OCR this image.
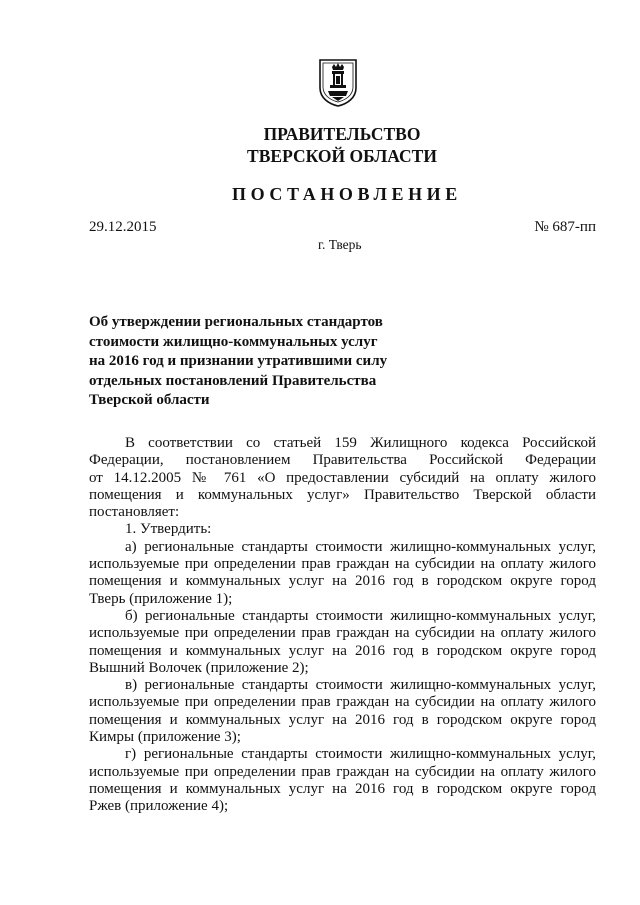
ПРАВИТЕЛЬСТВО
ТВЕРСКОЙ ОБЛАСТИ
ПОСТАНОВЛЕНИЕ
29.12.2015	№ 687-пп
г. Тверь
Об утверждении региональных стандартов
стоимости жилищно-коммунальных услуг
на 2016 год и признании утратившими силу
отдельных постановлений Правительства
Тверской области

В соответствии со статьей 159 Жилищного кодекса Российской
Федерации, постановлением Правительства Российской Федерации
от 14.12.2005 № 761 «О предоставлении субсидий на оплату жилого
помещения и коммунальных услуг» Правительство Тверской области
постановляет:

1. Утвердить:

а) региональные стандарты стоимости жилищно-коммунальных услуг,
используемые при определении прав граждан на субсидии на оплату жилого
помещения и коммунальных услуг на 2016 год в городском округе город
Тверь (приложение 1);

б) региональные стандарты стоимости жилищно-коммунальных услуг,
используемые при определении прав граждан на субсидии на оплату жилого
помещения и коммунальных услуг на 2016 год в городском округе город
Вышний Волочек (приложение 2);

в) региональные стандарты стоимости жилищно-коммунальных услуг,
используемые при определении прав граждан на субсидии на оплату жилого
помещения и коммунальных услуг на 2016 год в городском округе город
Кимры (приложение 3);

г) региональные стандарты стоимости жилищно-коммунальных услуг,
используемые при определении прав граждан на субсидии на оплату жилого
помещения и коммунальных услуг на 2016 год в городском округе город
Ржев (приложение 4);
